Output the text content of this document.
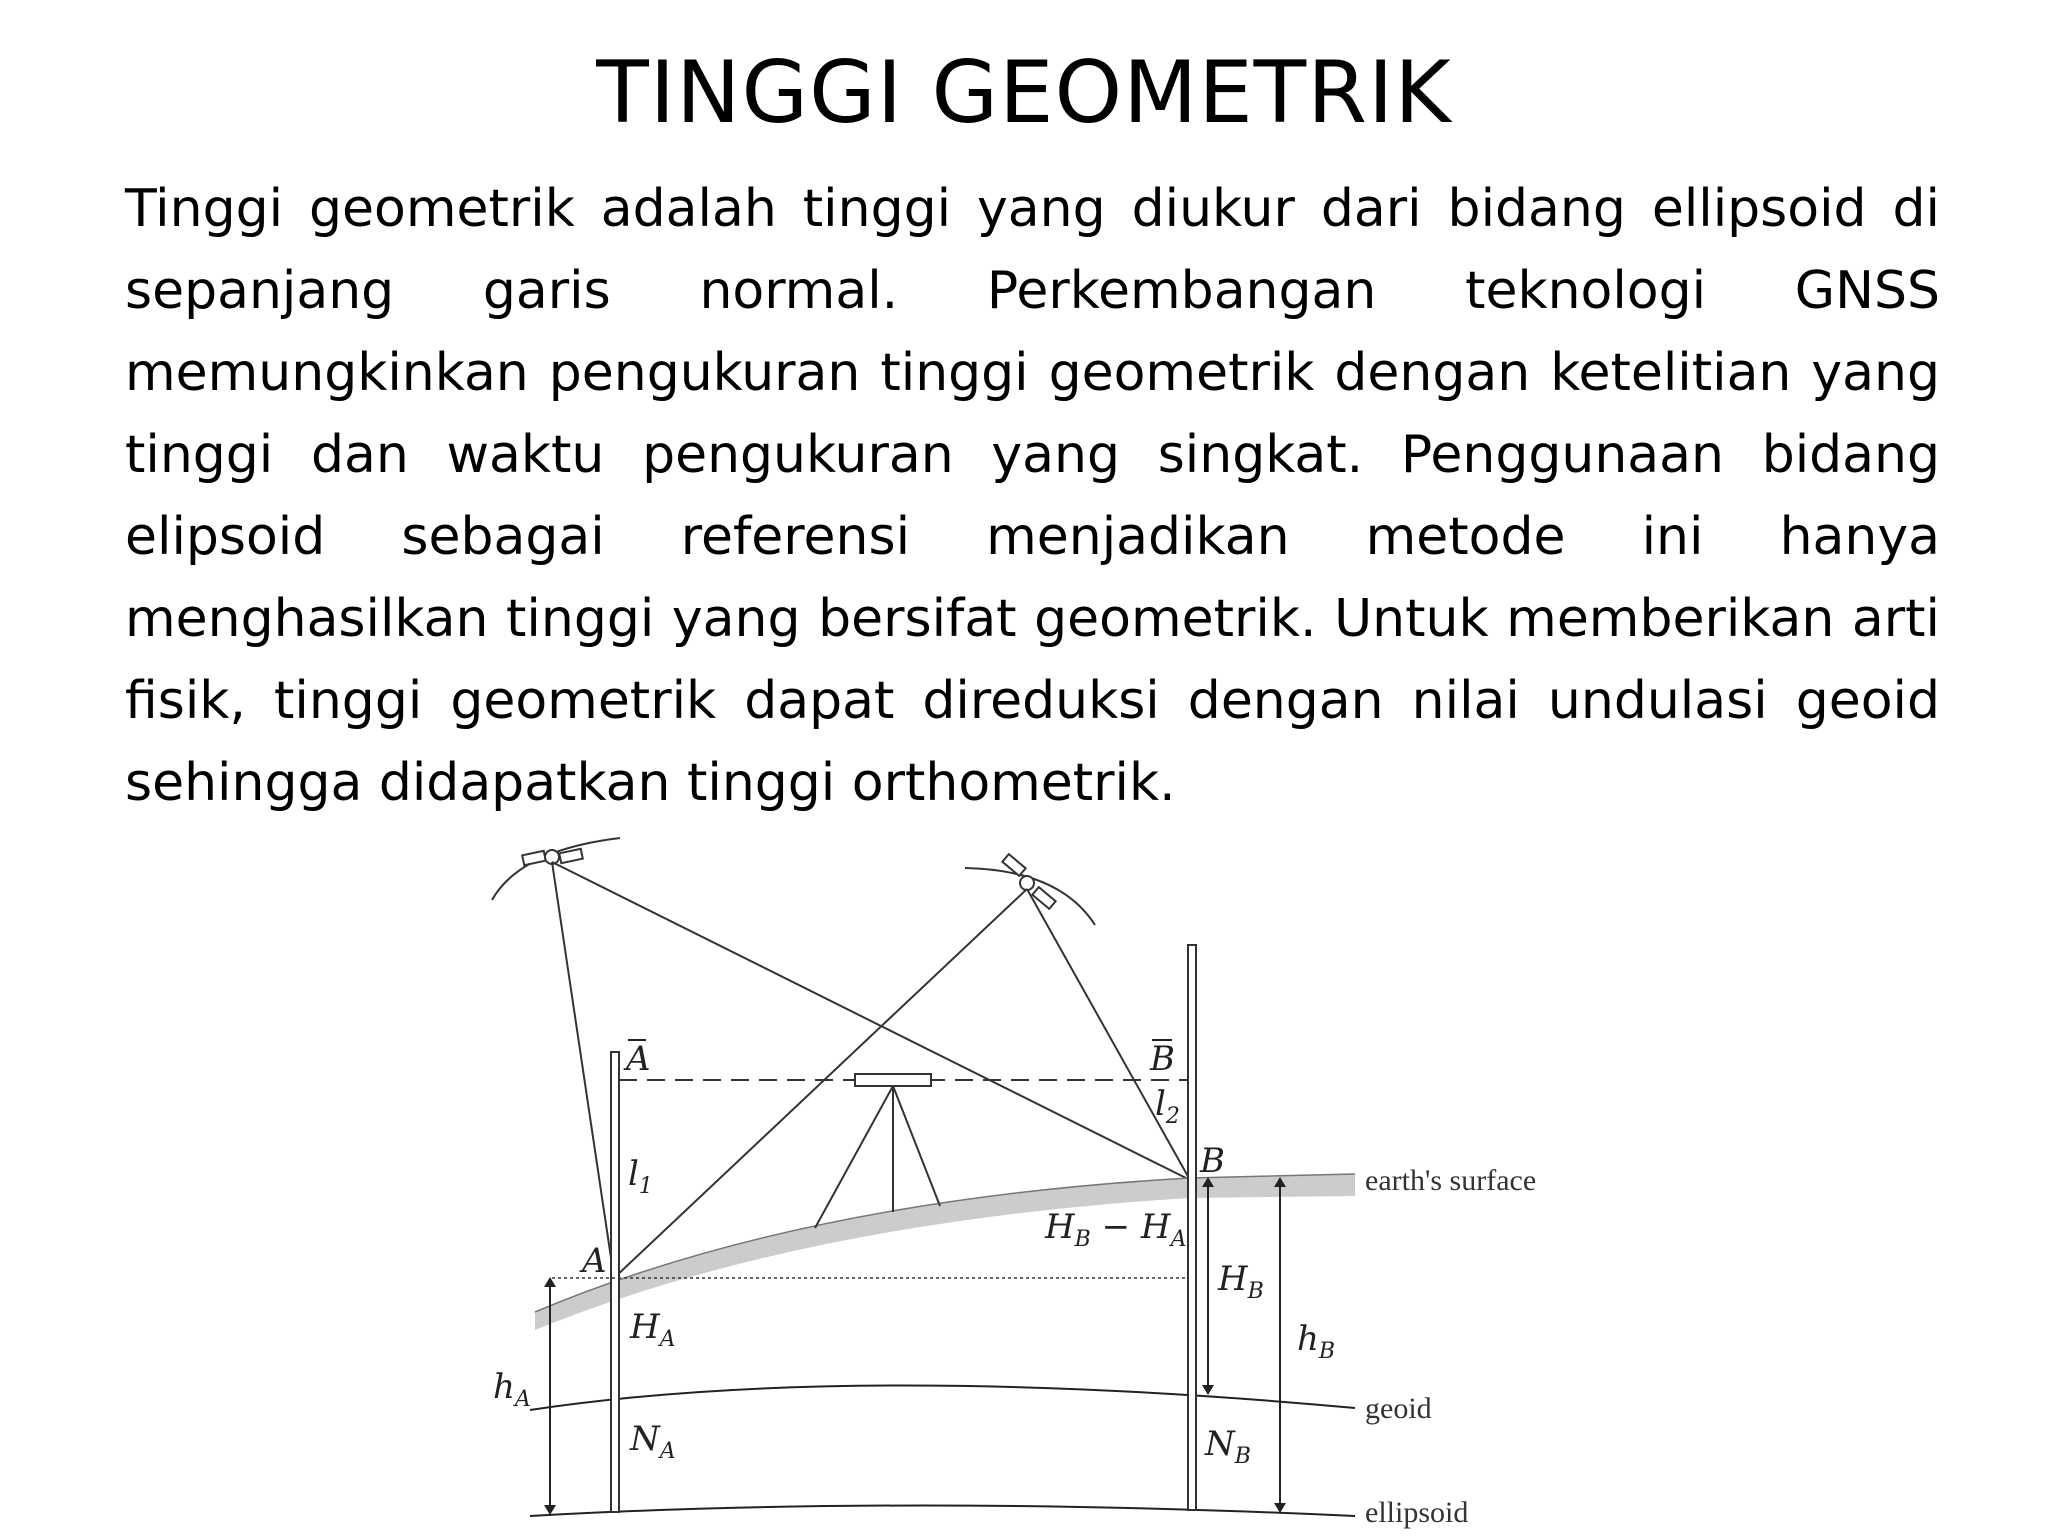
TINGGI GEOMETRIK

Tinggi geometrik adalah tinggi yang diukur dari bidang ellipsoid di sepanjang garis normal. Perkembangan teknologi GNSS memungkinkan pengukuran tinggi geometrik dengan ketelitian yang tinggi dan waktu pengukuran yang singkat. Penggunaan bidang elipsoid sebagai referensi menjadikan metode ini hanya menghasilkan tinggi yang bersifat geometrik. Untuk memberikan arti fisik, tinggi geometrik dapat direduksi dengan nilai undulasi geoid sehingga didapatkan tinggi orthometrik.

A	B
$l_1$
$l_2$
A
B
$H_B - H_A$
$H_A$
$H_B$
$h_A$
$h_B$
$N_A$	$N_B$
earth's surface
geoid
ellipsoid
